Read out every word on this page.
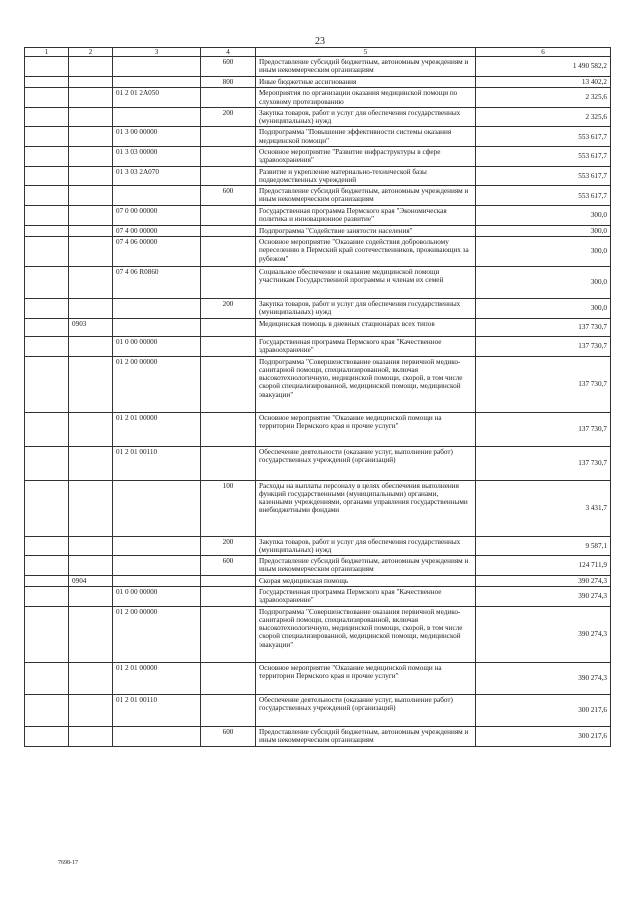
23
1	2	3	4	5	6
			600	Предоставление субсидий бюджетным, автономным учреждениям и иным некоммерческим организациям	1 490 582,2
			800	Иные бюджетные ассигнования	13 402,2
		01 2 01 2А050		Мероприятия по организации оказания медицинской помощи по слуховому протезированию	2 325,6
			200	Закупка товаров, работ и услуг для обеспечения государственных (муниципальных) нужд	2 325,6
		01 3 00 00000		Подпрограмма "Повышение эффективности системы оказания медицинской помощи"	553 617,7
		01 3 03 00000		Основное мероприятие "Развитие инфраструктуры в сфере здравоохранения"	553 617,7
		01 3 03 2А070		Развитие и укрепление материально-технической базы подведомственных учреждений	553 617,7
			600	Предоставление субсидий бюджетным, автономным учреждениям и иным некоммерческим организациям	553 617,7
		07 0 00 00000		Государственная программа Пермского края "Экономическая политика и инновационное развитие"	300,0
		07 4 00 00000		Подпрограмма "Содействие занятости населения"	300,0
		07 4 06 00000		Основное мероприятие "Оказание содействия добровольному переселению в Пермский край соотечественников, проживающих за рубежом"	300,0
		07 4 06 R0860		Социальное обеспечение и оказание медицинской помощи участникам Государственной программы и членам их семей	300,0
			200	Закупка товаров, работ и услуг для обеспечения государственных (муниципальных) нужд	300,0
	0903			Медицинская помощь в дневных стационарах всех типов	137 730,7
		01 0 00 00000		Государственная программа Пермского края "Качественное здравоохранение"	137 730,7
		01 2 00 00000		Подпрограмма "Совершенствование оказания первичной медико-санитарной помощи, специализированной, включая высокотехнологичную, медицинской помощи, скорой, в том числе скорой специализированной, медицинской помощи, медицинской эвакуации"	137 730,7
		01 2 01 00000		Основное мероприятие "Оказание медицинской помощи на территории Пермского края и прочие услуги"	137 730,7
		01 2 01 00110		Обеспечение деятельности (оказание услуг, выполнение работ) государственных учреждений (организаций)	137 730,7
			100	Расходы на выплаты персоналу в целях обеспечения выполнения функций государственными (муниципальными) органами, казенными учреждениями, органами управления государственными внебюджетными фондами	3 431,7
			200	Закупка товаров, работ и услуг для обеспечения государственных (муниципальных) нужд	9 587,1
			600	Предоставление субсидий бюджетным, автономным учреждениям и иным некоммерческим организациям	124 711,9
	0904			Скорая медицинская помощь	390 274,3
		01 0 00 00000		Государственная программа Пермского края "Качественное здравоохранение"	390 274,3
		01 2 00 00000		Подпрограмма "Совершенствование оказания первичной медико-санитарной помощи, специализированной, включая высокотехнологичную, медицинской помощи, скорой, в том числе скорой специализированной, медицинской помощи, медицинской эвакуации"	390 274,3
		01 2 01 00000		Основное мероприятие "Оказание медицинской помощи на территории Пермского края и прочие услуги"	390 274,3
		01 2 01 00110		Обеспечение деятельности (оказание услуг, выполнение работ) государственных учреждений (организаций)	300 217,6
			600	Предоставление субсидий бюджетным, автономным учреждениям и иным некоммерческим организациям	300 217,6
7698-17
